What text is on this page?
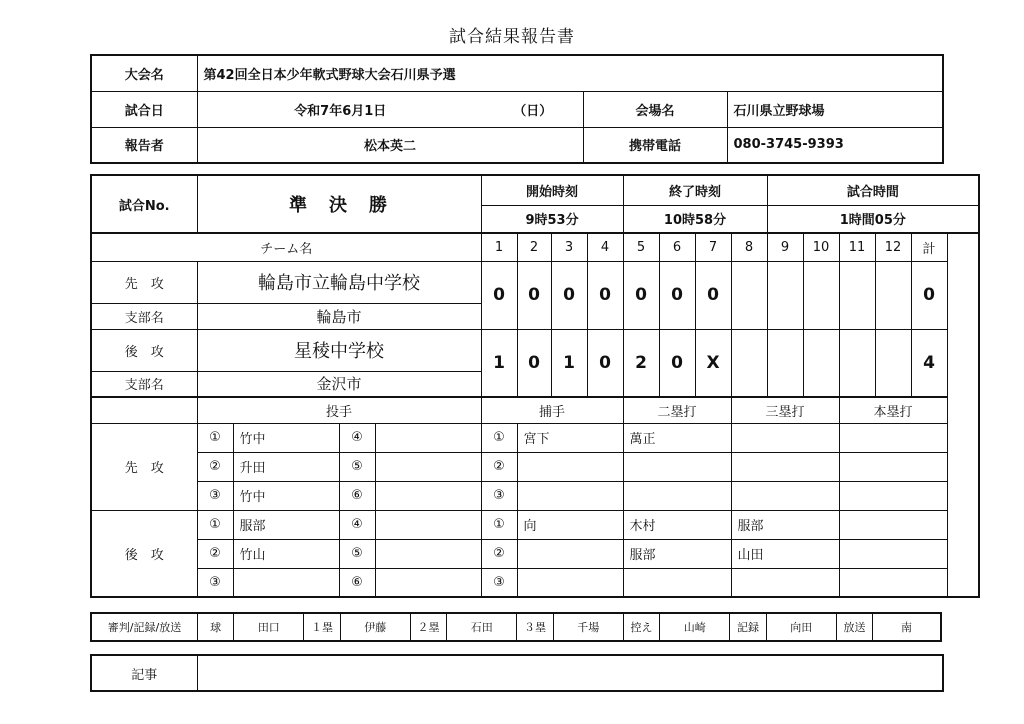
試合結果報告書
大会名	第42回全日本少年軟式野球大会石川県予選			
試合日	令和7年6月1日	（日）	会場名	石川県立野球場
報告者	松本英二		携帯電話	080-3745-9393
試合No.	準　決　勝				開始時刻				終了時刻				試合時間				
					9時53分				10時58分				1時間05分				
チーム名					1	2	3	4	5	6	7	8	9	10	11	12	計
先　攻	輪島市立輪島中学校				0	0	0	0	0	0	0						0
支部名	輪島市																
後　攻	星稜中学校				1	0	1	0	2	0	X						4
支部名	金沢市																
	投手				捕手				二塁打			三塁打			本塁打		
先　攻	①	竹中	④		①	宮下			萬正								
	②	升田	⑤		②												
	③	竹中	⑥		③												
後　攻	①	服部	④		①	向			木村			服部					
	②	竹山	⑤		②				服部			山田					
	③		⑥		③												
審判/記録/放送	球	田口	１塁	伊藤	２塁	石田	３塁	千場	控え	山崎	記録	向田	放送	南
記事	
